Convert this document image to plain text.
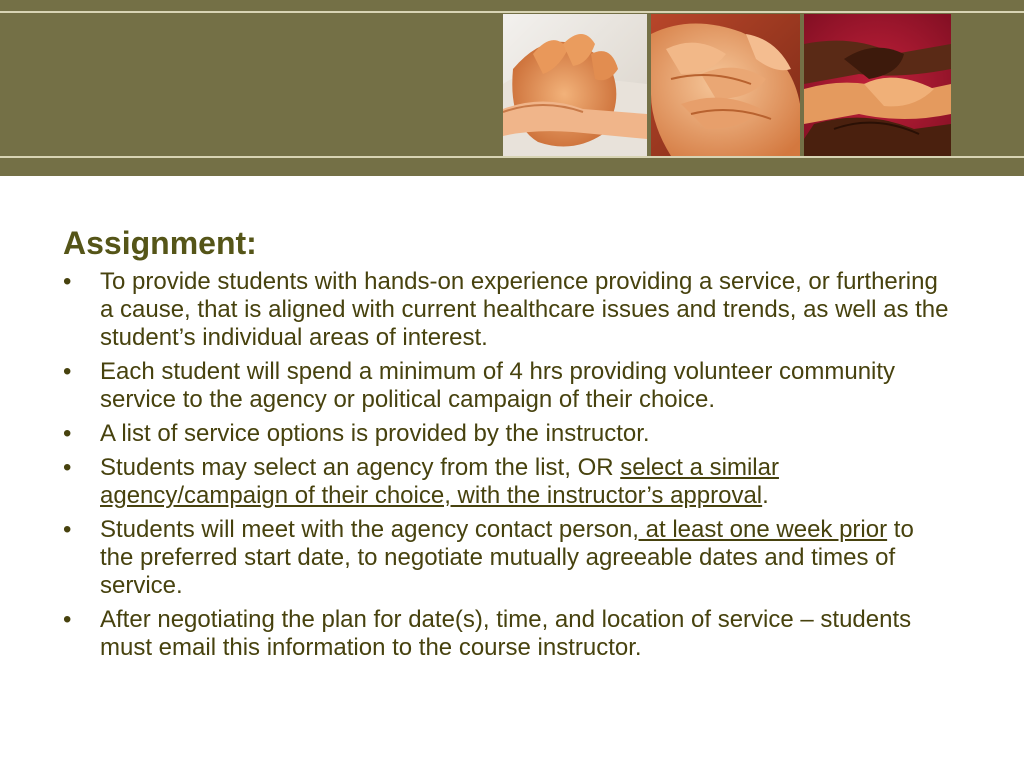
Assignment:
• To provide students with hands-on experience providing a service, or furthering a cause, that is aligned with current healthcare issues and trends, as well as the student’s individual areas of interest.
• Each student will spend a minimum of 4 hrs providing volunteer community service to the agency or political campaign of their choice.
• A list of service options is provided by the instructor.
• Students may select an agency from the list, OR select a similar agency/campaign of their choice, with the instructor’s approval.
• Students will meet with the agency contact person, at least one week prior to the preferred start date, to negotiate mutually agreeable dates and times of service.
• After negotiating the plan for date(s), time, and location of service – students must email this information to the course instructor.
